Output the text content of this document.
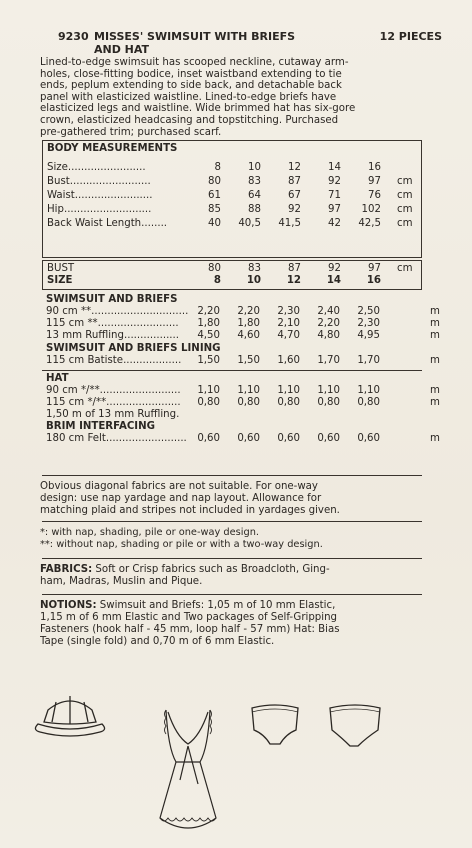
9230 MISSES' SWIMSUIT WITH BRIEFS
AND HAT
12 PIECES
Lined-to-edge swimsuit has scooped neckline, cutaway arm-
holes, close-fitting bodice, inset waistband extending to tie
ends, peplum extending to side back, and detachable back
panel with elasticized waistline. Lined-to-edge briefs have
elasticized legs and waistline. Wide brimmed hat has six-gore
crown, elasticized headcasing and topstitching. Purchased
pre-gathered trim; purchased scarf.
BODY MEASUREMENTS
Size........................	8	10	12	14	16
Bust.........................	80	83	87	92	97 cm
Waist........................	61	64	67	71	76 cm
Hip...........................	85	88	92	97	102 cm
Back Waist Length........	40	40,5	41,5	42	42,5 cm
BUST	80	83	87	92	97 cm
SIZE	8	10	12	14	16
SWIMSUIT AND BRIEFS
90 cm **.............................. 2,20	2,20	2,30	2,40	2,50	m
115 cm **.........................	1,80	1,80	2,10	2,20	2,30	m
13 mm Ruffling.................	4,50	4,60	4,70	4,80	4,95	m
SWIMSUIT AND BRIEFS LINING
115 cm Batiste..................	1,50	1,50	1,60	1,70	1,70	m
HAT
90 cm */**.........................	1,10	1,10	1,10	1,10	1,10	m
115 cm */**.......................	0,80	0,80	0,80	0,80	0,80	m
1,50 m of 13 mm Ruffling.
BRIM INTERFACING
180 cm Felt.........................	0,60	0,60	0,60	0,60	0,60	m
Obvious diagonal fabrics are not suitable. For one-way
design: use nap yardage and nap layout. Allowance for
matching plaid and stripes not included in yardages given.
*: with nap, shading, pile or one-way design.
**: without nap, shading or pile or with a two-way design.
FABRICS: Soft or Crisp fabrics such as Broadcloth, Ging-
ham, Madras, Muslin and Pique.
NOTIONS: Swimsuit and Briefs: 1,05 m of 10 mm Elastic,
1,15 m of 6 mm Elastic and Two packages of Self-Gripping
Fasteners (hook half - 45 mm, loop half - 57 mm) Hat: Bias
Tape (single fold) and 0,70 m of 6 mm Elastic.
